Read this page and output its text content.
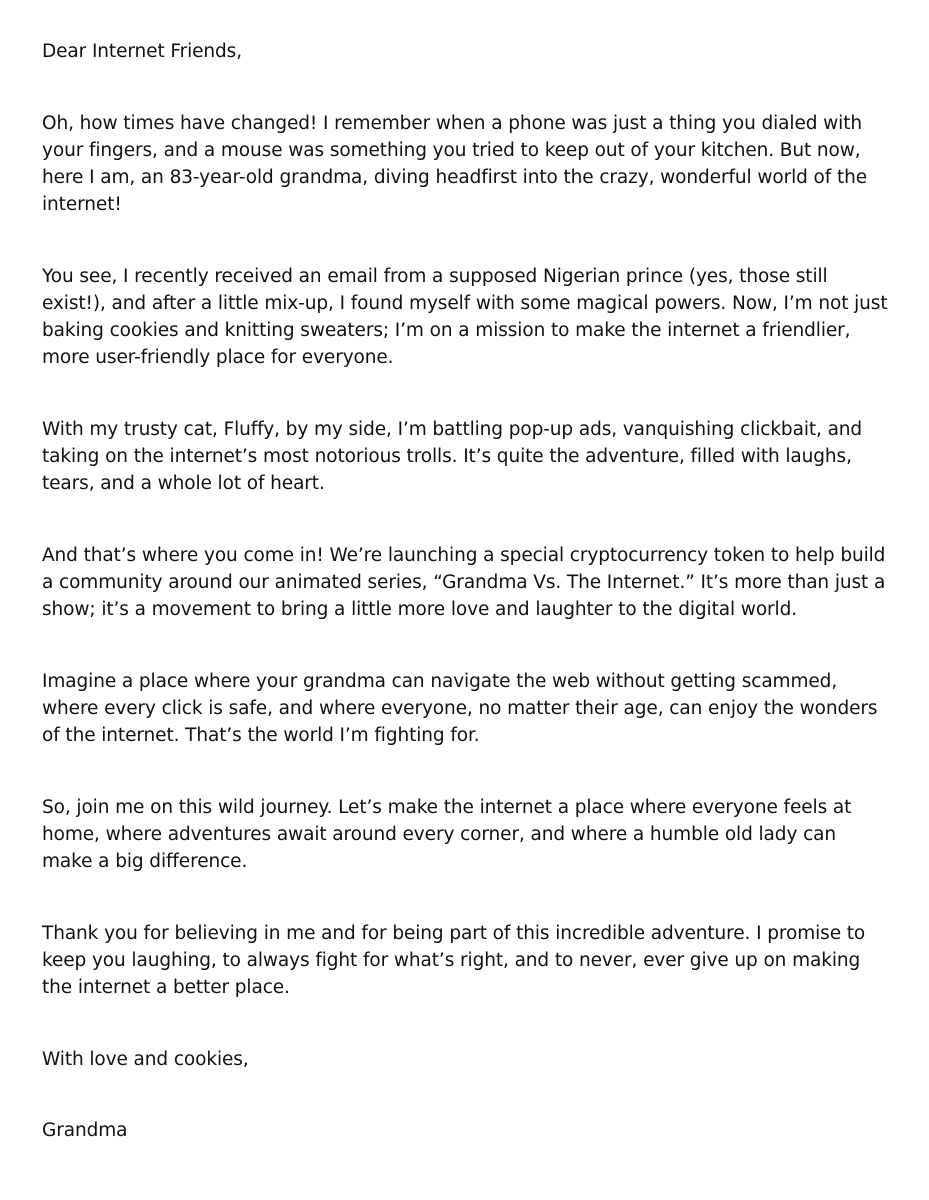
Dear Internet Friends,

Oh, how times have changed! I remember when a phone was just a thing you dialed with your fingers, and a mouse was something you tried to keep out of your kitchen. But now, here I am, an 83-year-old grandma, diving headfirst into the crazy, wonderful world of the internet!

You see, I recently received an email from a supposed Nigerian prince (yes, those still exist!), and after a little mix-up, I found myself with some magical powers. Now, I’m not just baking cookies and knitting sweaters; I’m on a mission to make the internet a friendlier, more user-friendly place for everyone.

With my trusty cat, Fluffy, by my side, I’m battling pop-up ads, vanquishing clickbait, and taking on the internet’s most notorious trolls. It’s quite the adventure, filled with laughs, tears, and a whole lot of heart.

And that’s where you come in! We’re launching a special cryptocurrency token to help build a community around our animated series, “Grandma Vs. The Internet.” It’s more than just a show; it’s a movement to bring a little more love and laughter to the digital world.

Imagine a place where your grandma can navigate the web without getting scammed, where every click is safe, and where everyone, no matter their age, can enjoy the wonders of the internet. That’s the world I’m fighting for.

So, join me on this wild journey. Let’s make the internet a place where everyone feels at home, where adventures await around every corner, and where a humble old lady can make a big difference.

Thank you for believing in me and for being part of this incredible adventure. I promise to keep you laughing, to always fight for what’s right, and to never, ever give up on making the internet a better place.

With love and cookies,

Grandma
